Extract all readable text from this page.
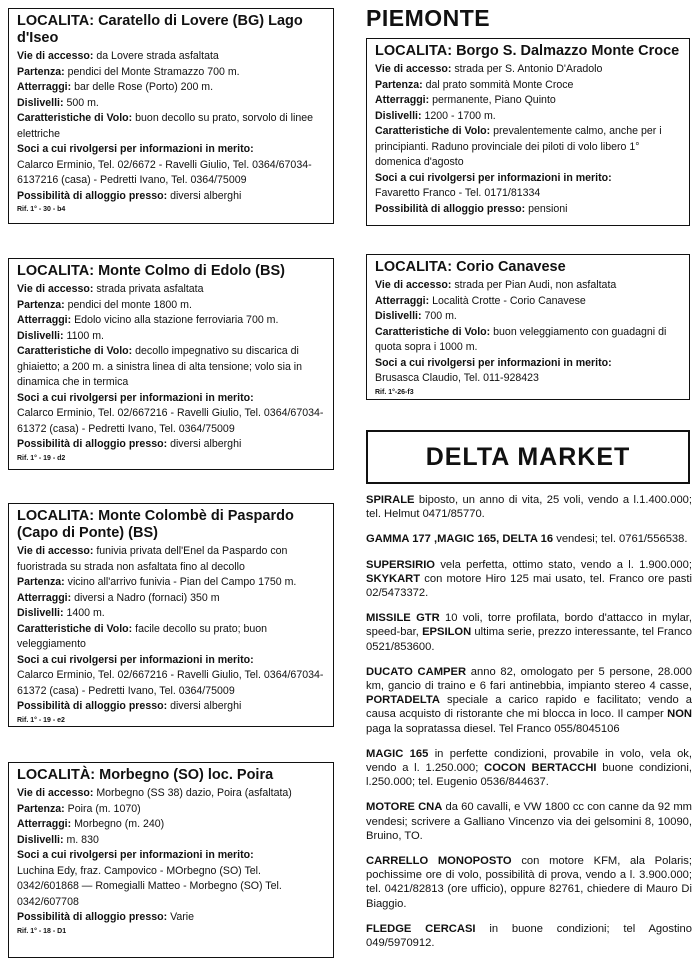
LOCALITA: Caratello di Lovere (BG) Lago d'Iseo
Vie di accesso: da Lovere strada asfaltata
Partenza: pendici del Monte Stramazzo 700 m.
Atterraggi: bar delle Rose (Porto) 200 m.
Dislivelli: 500 m.
Caratteristiche di Volo: buon decollo su prato, sorvolo di linee elettriche
Soci a cui rivolgersi per informazioni in merito:
Calarco Erminio, Tel. 02/6672 - Ravelli Giulio, Tel. 0364/67034-6137216 (casa) - Pedretti Ivano, Tel. 0364/75009
Possibilità di alloggio presso: diversi alberghi
Rif. 1° - 30 - b4
LOCALITA: Monte Colmo di Edolo (BS)
Vie di accesso: strada privata asfaltata
Partenza: pendici del monte 1800 m.
Atterraggi: Edolo vicino alla stazione ferroviaria 700 m.
Dislivelli: 1100 m.
Caratteristiche di Volo: decollo impegnativo su discarica di ghiaietto; a 200 m. a sinistra linea di alta tensione; volo sia in dinamica che in termica
Soci a cui rivolgersi per informazioni in merito:
Calarco Erminio, Tel. 02/667216 - Ravelli Giulio, Tel. 0364/67034-61372 (casa) - Pedretti Ivano, Tel. 0364/75009
Possibilità di alloggio presso: diversi alberghi
Rif. 1° - 19 - d2
LOCALITA: Monte Colombè di Paspardo (Capo di Ponte) (BS)
Vie di accesso: funivia privata dell'Enel da Paspardo con fuoristrada su strada non asfaltata fino al decollo
Partenza: vicino all'arrivo funivia - Pian del Campo 1750 m.
Atterraggi: diversi a Nadro (fornaci) 350 m
Dislivelli: 1400 m.
Caratteristiche di Volo: facile decollo su prato; buon veleggiamento
Soci a cui rivolgersi per informazioni in merito:
Calarco Erminio, Tel. 02/667216 - Ravelli Giulio, Tel. 0364/67034-61372 (casa) - Pedretti Ivano, Tel. 0364/75009
Possibilità di alloggio presso: diversi alberghi
Rif. 1° - 19 - e2
LOCALITÀ: Morbegno (SO) loc. Poira
Vie di accesso: Morbegno (SS 38) dazio, Poira (asfaltata)
Partenza: Poira (m. 1070)
Atterraggi: Morbegno (m. 240)
Dislivelli: m. 830
Soci a cui rivolgersi per informazioni in merito:
Luchina Edy, fraz. Campovico - MOrbegno (SO) Tel. 0342/601868 — Romegialli Matteo - Morbegno (SO) Tel. 0342/607708
Possibilità di alloggio presso: Varie
Rif. 1° - 18 - D1
PIEMONTE
LOCALITA: Borgo S. Dalmazzo Monte Croce
Vie di accesso: strada per S. Antonio D'Aradolo
Partenza: dal prato sommità Monte Croce
Atterraggi: permanente, Piano Quinto
Dislivelli: 1200 - 1700 m.
Caratteristiche di Volo: prevalentemente calmo, anche per i principianti. Raduno provinciale dei piloti di volo libero 1° domenica d'agosto
Soci a cui rivolgersi per informazioni in merito:
Favaretto Franco - Tel. 0171/81334
Possibilità di alloggio presso: pensioni
LOCALITA: Corio Canavese
Vie di accesso: strada per Pian Audi, non asfaltata
Atterraggi: Località Crotte - Corio Canavese
Dislivelli: 700 m.
Caratteristiche di Volo: buon veleggiamento con guadagni di quota sopra i 1000 m.
Soci a cui rivolgersi per informazioni in merito:
Brusasca Claudio, Tel. 011-928423
Rif. 1°-26-f3
DELTA MARKET
SPIRALE biposto, un anno di vita, 25 voli, vendo a l.1.400.000; tel. Helmut 0471/85770.
GAMMA 177 ,MAGIC 165, DELTA 16 vendesi; tel. 0761/556538.
SUPERSIRIO vela perfetta, ottimo stato, vendo a l. 1.900.000; SKYKART con motore Hiro 125 mai usato, tel. Franco ore pasti 02/5473372.
MISSILE GTR 10 voli, torre profilata, bordo d'attacco in mylar, speed-bar, EPSILON ultima serie, prezzo interessante, tel Franco 0521/853600.
DUCATO CAMPER anno 82, omologato per 5 persone, 28.000 km, gancio di traino e 6 fari antinebbia, impianto stereo 4 casse, PORTADELTA speciale a carico rapido e facilitato; vendo a causa acquisto di ristorante che mi blocca in loco. Il camper NON paga la sopratassa diesel. Tel Franco 055/8045106
MAGIC 165 in perfette condizioni, provabile in volo, vela ok, vendo a l. 1.250.000; COCON BERTACCHI buone condizioni, l.250.000; tel. Eugenio 0536/844637.
MOTORE CNA da 60 cavalli, e VW 1800 cc con canne da 92 mm vendesi; scrivere a Galliano Vincenzo via dei gelsomini 8, 10090, Bruino, TO.
CARRELLO MONOPOSTO con motore KFM, ala Polaris; pochissime ore di volo, possibilità di prova, vendo a l. 3.900.000; tel. 0421/82813 (ore ufficio), oppure 82761, chiedere di Mauro Di Biaggio.
FLEDGE CERCASI in buone condizioni; tel Agostino 049/5970912.
